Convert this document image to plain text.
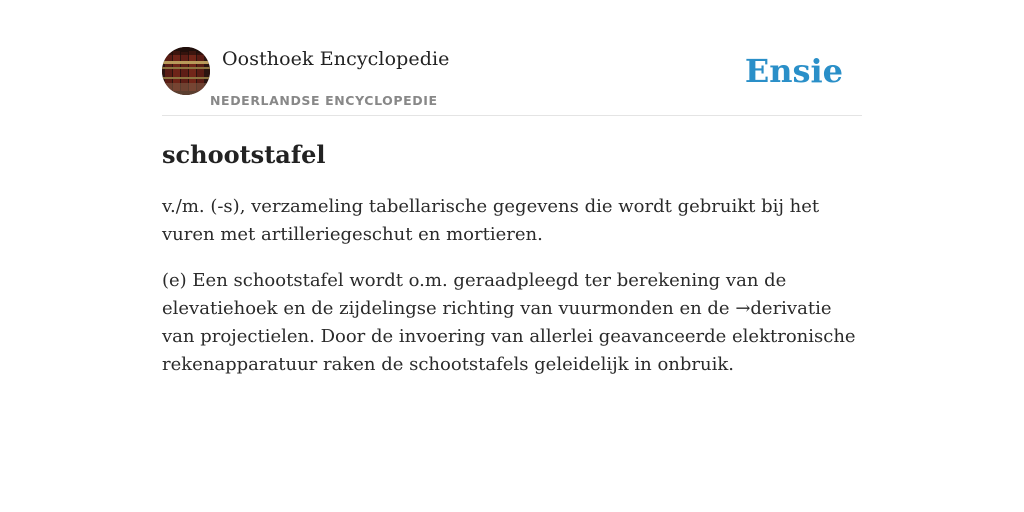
Oosthoek Encyclopedie
NEDERLANDSE ENCYCLOPEDIE
Ensie
schootstafel

v./m. (-s), verzameling tabellarische gegevens die wordt gebruikt bij het vuren met artilleriegeschut en mortieren.

(e) Een schootstafel wordt o.m. geraadpleegd ter berekening van de elevatiehoek en de zijdelingse richting van vuurmonden en de →derivatie van projectielen. Door de invoering van allerlei geavanceerde elektronische rekenapparatuur raken de schootstafels geleidelijk in onbruik.
